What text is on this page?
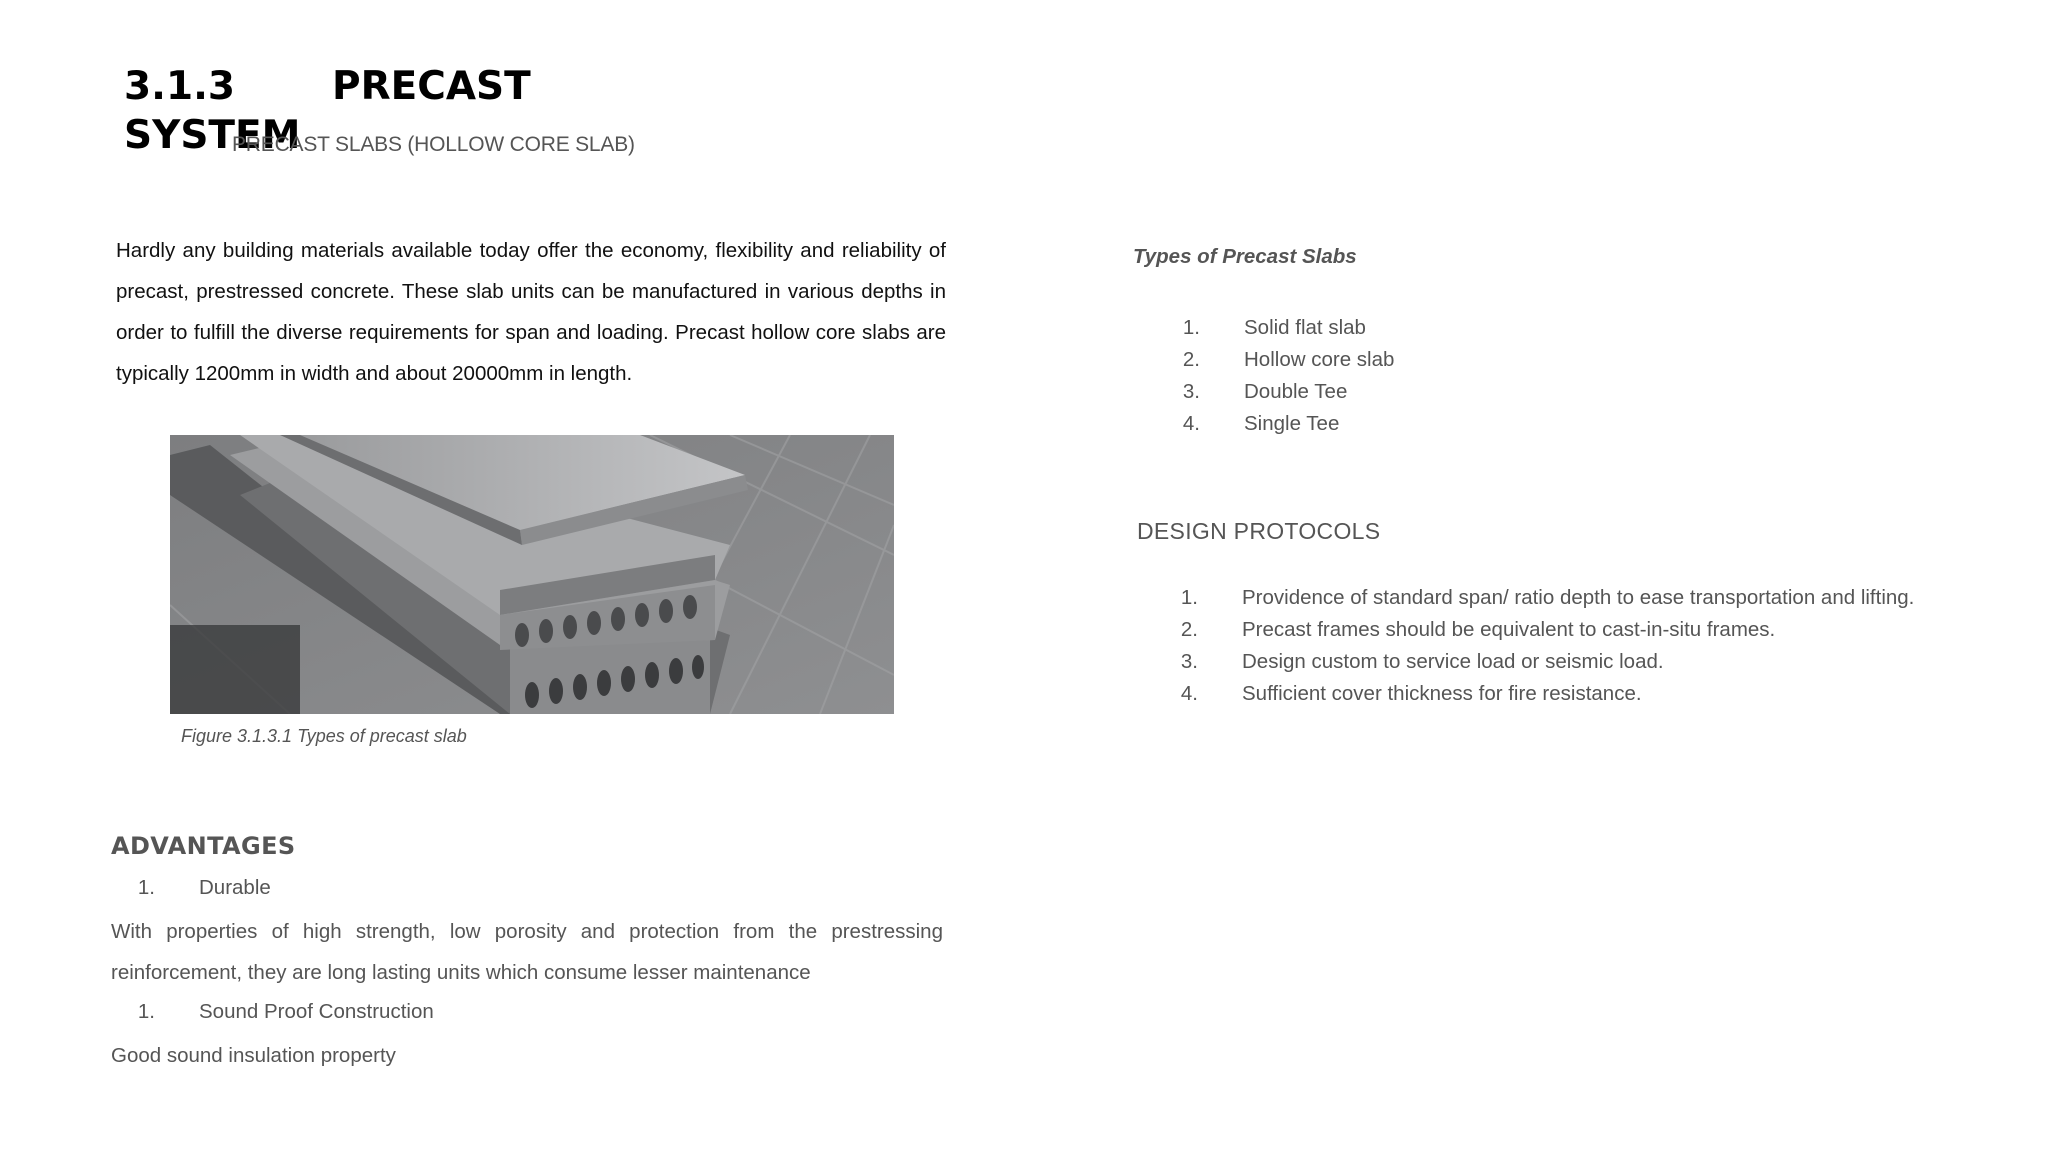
3.1.3 PRECAST
SYSTEM
PRECAST SLABS (HOLLOW CORE SLAB)
Hardly any building materials available today offer the economy, flexibility and reliability of precast, prestressed concrete. These slab units can be manufactured in various depths in order to fulfill the diverse requirements for span and loading. Precast hollow core slabs are typically 1200mm in width and about 20000mm in length.
Figure 3.1.3.1 Types of precast slab
ADVANTAGES
1. Durable
With properties of high strength, low porosity and protection from the prestressing reinforcement, they are long lasting units which consume lesser maintenance
1. Sound Proof Construction
Good sound insulation property
Types of Precast Slabs
1. Solid flat slab
2. Hollow core slab
3. Double Tee
4. Single Tee
DESIGN PROTOCOLS
1. Providence of standard span/ ratio depth to ease transportation and lifting.
2. Precast frames should be equivalent to cast-in-situ frames.
3. Design custom to service load or seismic load.
4. Sufficient cover thickness for fire resistance.
